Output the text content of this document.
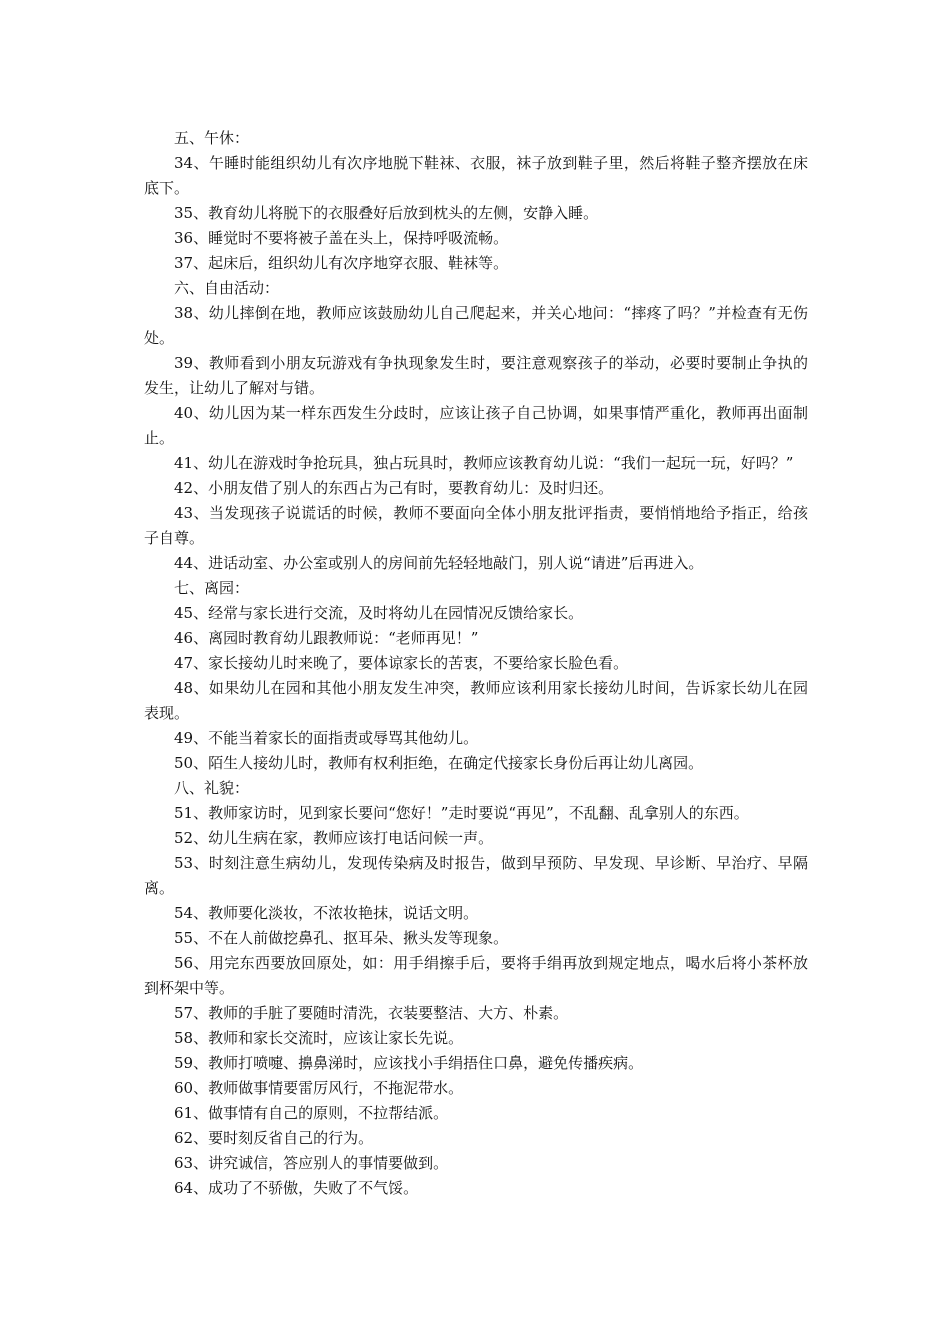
五、午休：

34、午睡时能组织幼儿有次序地脱下鞋袜、衣服，袜子放到鞋子里，然后将鞋子整齐摆放在床底下。

35、教育幼儿将脱下的衣服叠好后放到枕头的左侧，安静入睡。

36、睡觉时不要将被子盖在头上，保持呼吸流畅。

37、起床后，组织幼儿有次序地穿衣服、鞋袜等。

六、自由活动：

38、幼儿摔倒在地，教师应该鼓励幼儿自己爬起来，并关心地问：“摔疼了吗？”并检查有无伤处。

39、教师看到小朋友玩游戏有争执现象发生时，要注意观察孩子的举动，必要时要制止争执的发生，让幼儿了解对与错。

40、幼儿因为某一样东西发生分歧时，应该让孩子自己协调，如果事情严重化，教师再出面制止。

41、幼儿在游戏时争抢玩具，独占玩具时，教师应该教育幼儿说：“我们一起玩一玩，好吗？”

42、小朋友借了别人的东西占为己有时，要教育幼儿：及时归还。

43、当发现孩子说谎话的时候，教师不要面向全体小朋友批评指责，要悄悄地给予指正，给孩子自尊。

44、进话动室、办公室或别人的房间前先轻轻地敲门，别人说“请进”后再进入。

七、离园：

45、经常与家长进行交流，及时将幼儿在园情况反馈给家长。

46、离园时教育幼儿跟教师说：“老师再见！”

47、家长接幼儿时来晚了，要体谅家长的苦衷，不要给家长脸色看。

48、如果幼儿在园和其他小朋友发生冲突，教师应该利用家长接幼儿时间，告诉家长幼儿在园表现。

49、不能当着家长的面指责或辱骂其他幼儿。

50、陌生人接幼儿时，教师有权利拒绝，在确定代接家长身份后再让幼儿离园。

八、礼貌：

51、教师家访时，见到家长要问“您好！”走时要说“再见”，不乱翻、乱拿别人的东西。

52、幼儿生病在家，教师应该打电话问候一声。

53、时刻注意生病幼儿，发现传染病及时报告，做到早预防、早发现、早诊断、早治疗、早隔离。

54、教师要化淡妆，不浓妆艳抹，说话文明。

55、不在人前做挖鼻孔、抠耳朵、揪头发等现象。

56、用完东西要放回原处，如：用手绢擦手后，要将手绢再放到规定地点，喝水后将小茶杯放到杯架中等。

57、教师的手脏了要随时清洗，衣装要整洁、大方、朴素。

58、教师和家长交流时，应该让家长先说。

59、教师打喷嚏、擤鼻涕时，应该找小手绢捂住口鼻，避免传播疾病。

60、教师做事情要雷厉风行，不拖泥带水。

61、做事情有自己的原则，不拉帮结派。

62、要时刻反省自己的行为。

63、讲究诚信，答应别人的事情要做到。

64、成功了不骄傲，失败了不气馁。
